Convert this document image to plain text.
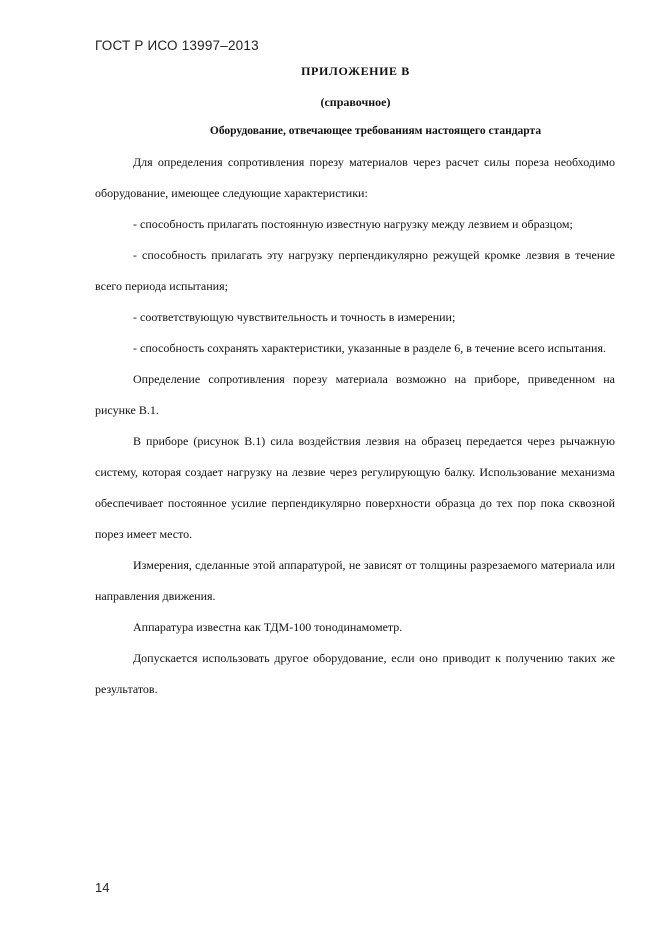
ГОСТ Р ИСО 13997–2013
ПРИЛОЖЕНИЕ В
(справочное)
Оборудование, отвечающее требованиям настоящего стандарта

Для определения сопротивления порезу материалов через расчет силы пореза необходимо оборудование, имеющее следующие характеристики:

- способность прилагать постоянную известную нагрузку между лезвием и образцом;

- способность прилагать эту нагрузку перпендикулярно режущей кромке лезвия в течение всего периода испытания;

- соответствующую чувствительность и точность в измерении;

- способность сохранять характеристики, указанные в разделе 6, в течение всего испытания.

Определение сопротивления порезу материала возможно на приборе, приведенном на рисунке В.1.

В приборе (рисунок В.1) сила воздействия лезвия на образец передается через рычажную систему, которая создает нагрузку на лезвие через регулирующую балку. Использование механизма обеспечивает постоянное усилие перпендикулярно поверхности образца до тех пор пока сквозной порез имеет место.

Измерения, сделанные этой аппаратурой, не зависят от толщины разрезаемого материала или направления движения.

Аппаратура известна как ТДМ-100 тонодинамометр.

Допускается использовать другое оборудование, если оно приводит к получению таких же результатов.

14
